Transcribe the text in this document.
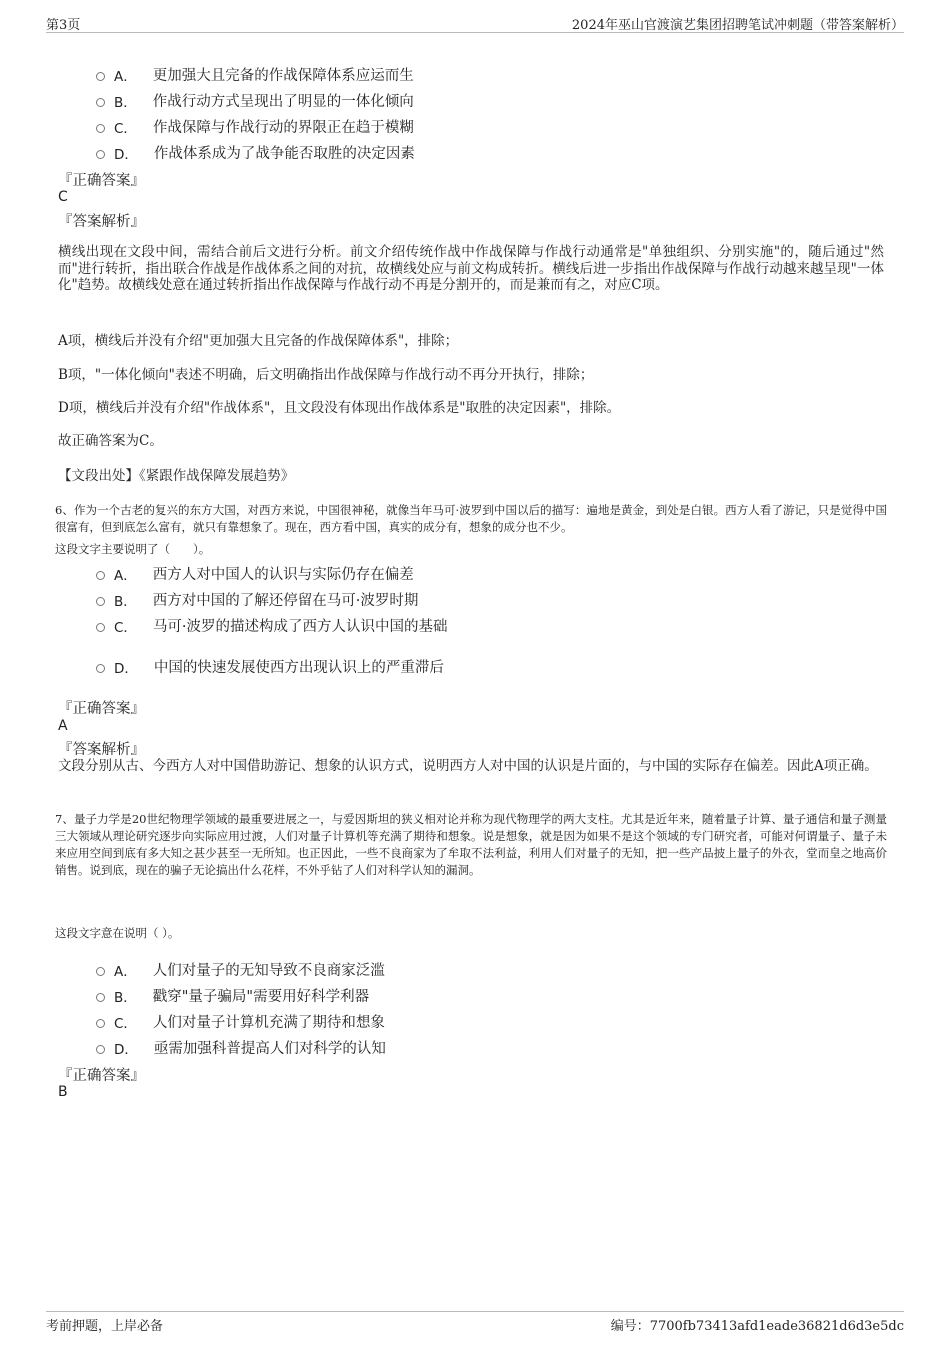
第3页	2024年巫山官渡演艺集团招聘笔试冲刺题（带答案解析）
A． 更加强大且完备的作战保障体系应运而生
B． 作战行动方式呈现出了明显的一体化倾向
C． 作战保障与作战行动的界限正在趋于模糊
D． 作战体系成为了战争能否取胜的决定因素
『正确答案』
C
『答案解析』
横线出现在文段中间，需结合前后文进行分析。前文介绍传统作战中作战保障与作战行动通常是"单独组织、分别实施"的，随后通过"然而"进行转折，指出联合作战是作战体系之间的对抗，故横线处应与前文构成转折。横线后进一步指出作战保障与作战行动越来越呈现"一体化"趋势。故横线处意在通过转折指出作战保障与作战行动不再是分割开的，而是兼而有之，对应C项。
A项，横线后并没有介绍"更加强大且完备的作战保障体系"，排除；
B项，"一体化倾向"表述不明确，后文明确指出作战保障与作战行动不再分开执行，排除；
D项，横线后并没有介绍"作战体系"，且文段没有体现出作战体系是"取胜的决定因素"，排除。
故正确答案为C。
【文段出处】《紧跟作战保障发展趋势》
6、作为一个古老的复兴的东方大国，对西方来说，中国很神秘，就像当年马可·波罗到中国以后的描写：遍地是黄金，到处是白银。西方人看了游记，只是觉得中国很富有，但到底怎么富有，就只有靠想象了。现在，西方看中国，真实的成分有，想象的成分也不少。
这段文字主要说明了（　　）。
A． 西方人对中国人的认识与实际仍存在偏差
B． 西方对中国的了解还停留在马可·波罗时期
C． 马可·波罗的描述构成了西方人认识中国的基础
D． 中国的快速发展使西方出现认识上的严重滞后
『正确答案』
A
『答案解析』
文段分别从古、今西方人对中国借助游记、想象的认识方式，说明西方人对中国的认识是片面的，与中国的实际存在偏差。因此A项正确。
7、量子力学是20世纪物理学领域的最重要进展之一，与爱因斯坦的狭义相对论并称为现代物理学的两大支柱。尤其是近年来，随着量子计算、量子通信和量子测量三大领域从理论研究逐步向实际应用过渡，人们对量子计算机等充满了期待和想象。说是想象，就是因为如果不是这个领域的专门研究者，可能对何谓量子、量子未来应用空间到底有多大知之甚少甚至一无所知。也正因此，一些不良商家为了牟取不法利益，利用人们对量子的无知，把一些产品披上量子的外衣，堂而皇之地高价销售。说到底，现在的骗子无论搞出什么花样，不外乎钻了人们对科学认知的漏洞。
这段文字意在说明（ ）。
A． 人们对量子的无知导致不良商家泛滥
B． 戳穿"量子骗局"需要用好科学利器
C． 人们对量子计算机充满了期待和想象
D． 亟需加强科普提高人们对科学的认知
『正确答案』
B
考前押题，上岸必备	编号：7700fb73413afd1eade36821d6d3e5dc
